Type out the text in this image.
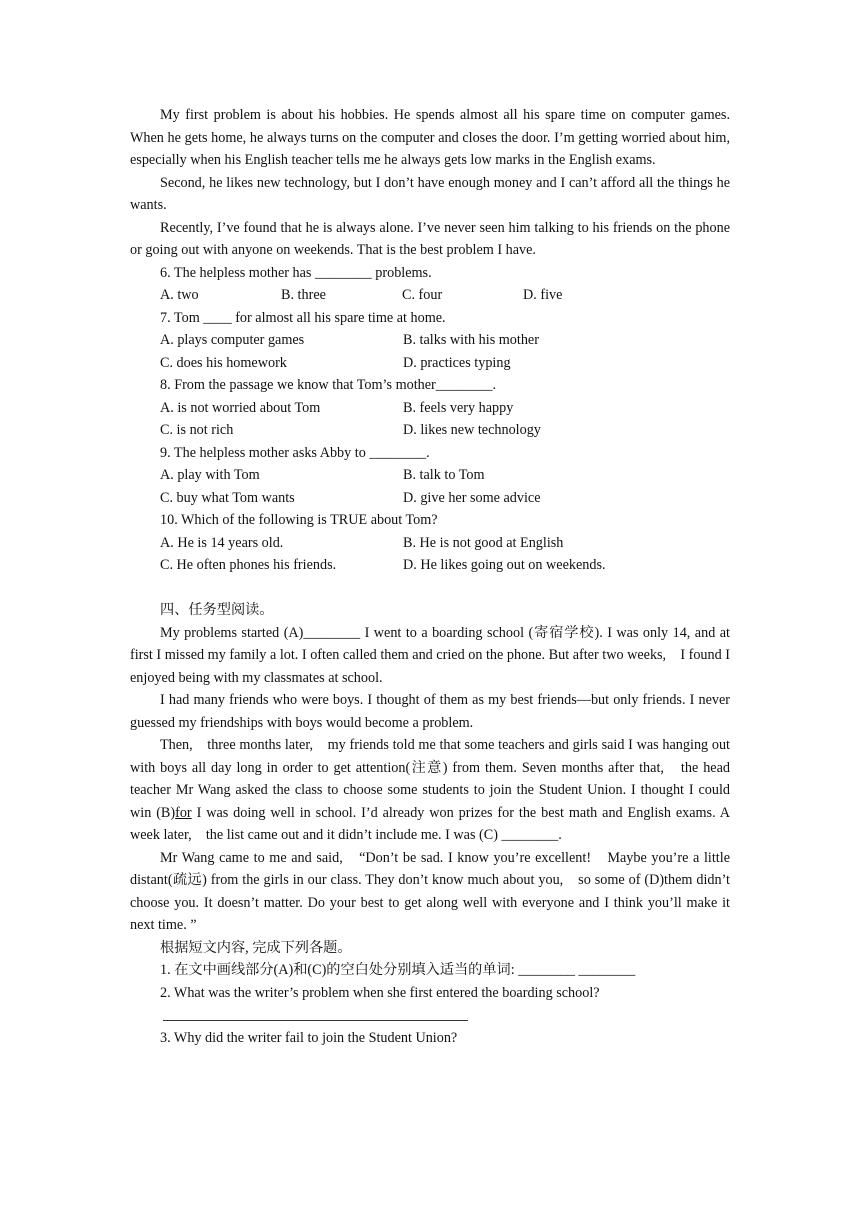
My first problem is about his hobbies. He spends almost all his spare time on computer games. When he gets home, he always turns on the computer and closes the door. I’m getting worried about him, especially when his English teacher tells me he always gets low marks in the English exams.

Second, he likes new technology, but I don’t have enough money and I can’t afford all the things he wants.

Recently, I’ve found that he is always alone. I’ve never seen him talking to his friends on the phone or going out with anyone on weekends. That is the best problem I have.

6. The helpless mother has ________ problems.

A. two	B. three	C. four	D. five

7. Tom ____ for almost all his spare time at home.

A. plays computer games	B. talks with his mother
C. does his homework	D. practices typing

8. From the passage we know that Tom’s mother________.

A. is not worried about Tom	B. feels very happy
C. is not rich	D. likes new technology

9. The helpless mother asks Abby to ________.

A. play with Tom	B. talk to Tom
C. buy what Tom wants	D. give her some advice

10. Which of the following is TRUE about Tom?

A. He is 14 years old.	B. He is not good at English
C. He often phones his friends.	D. He likes going out on weekends.

四、任务型阅读。

My problems started (A)________ I went to a boarding school (寄宿学校). I was only 14, and at first I missed my family a lot. I often called them and cried on the phone. But after two weeks,　I found I enjoyed being with my classmates at school.

I had many friends who were boys. I thought of them as my best friends—but only friends. I never guessed my friendships with boys would become a problem.

Then,　three months later,　my friends told me that some teachers and girls said I was hanging out with boys all day long in order to get attention(注意) from them. Seven months after that,　the head teacher Mr Wang asked the class to choose some students to join the Student Union. I thought I could win (B)for I was doing well in school. I’d already won prizes for the best math and English exams. A week later,　the list came out and it didn’t include me. I was (C) ________.

Mr Wang came to me and said,　“Don’t be sad. I know you’re excellent!　Maybe you’re a little distant(疏远) from the girls in our class. They don’t know much about you,　so some of (D)them didn’t choose you. It doesn’t matter. Do your best to get along well with everyone and I think you’ll make it next time. ”

根据短文内容, 完成下列各题。

1. 在文中画线部分(A)和(C)的空白处分别填入适当的单词: ________ ________

2. What was the writer’s problem when she first entered the boarding school?

3. Why did the writer fail to join the Student Union?
